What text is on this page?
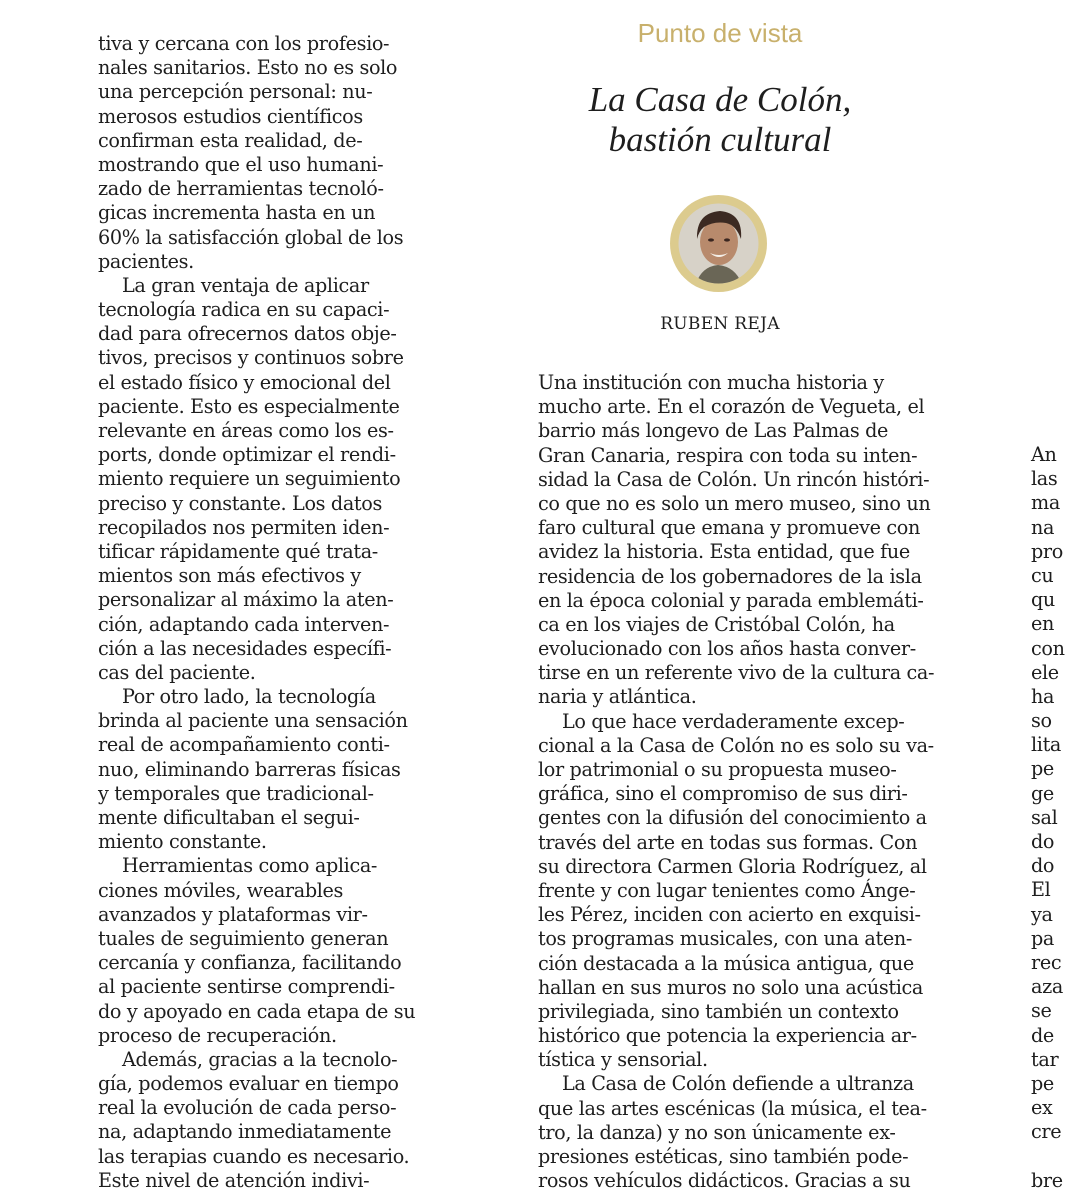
Punto de vista
La Casa de Colón,
bastión cultural
RUBEN REJA
tiva y cercana con los profesio-
nales sanitarios. Esto no es solo
una percepción personal: nu-
merosos estudios científicos
confirman esta realidad, de-
mostrando que el uso humani-
zado de herramientas tecnoló-
gicas incrementa hasta en un
60% la satisfacción global de los
pacientes.
La gran ventaja de aplicar
tecnología radica en su capaci-
dad para ofrecernos datos obje-
tivos, precisos y continuos sobre
el estado físico y emocional del
paciente. Esto es especialmente
relevante en áreas como los es-
ports, donde optimizar el rendi-
miento requiere un seguimiento
preciso y constante. Los datos
recopilados nos permiten iden-
tificar rápidamente qué trata-
mientos son más efectivos y
personalizar al máximo la aten-
ción, adaptando cada interven-
ción a las necesidades específi-
cas del paciente.
Por otro lado, la tecnología
brinda al paciente una sensación
real de acompañamiento conti-
nuo, eliminando barreras físicas
y temporales que tradicional-
mente dificultaban el segui-
miento constante.
Herramientas como aplica-
ciones móviles, wearables
avanzados y plataformas vir-
tuales de seguimiento generan
cercanía y confianza, facilitando
al paciente sentirse comprendi-
do y apoyado en cada etapa de su
proceso de recuperación.
Además, gracias a la tecnolo-
gía, podemos evaluar en tiempo
real la evolución de cada perso-
na, adaptando inmediatamente
las terapias cuando es necesario.
Este nivel de atención indivi-
Una institución con mucha historia y
mucho arte. En el corazón de Vegueta, el
barrio más longevo de Las Palmas de
Gran Canaria, respira con toda su inten-
sidad la Casa de Colón. Un rincón históri-
co que no es solo un mero museo, sino un
faro cultural que emana y promueve con
avidez la historia. Esta entidad, que fue
residencia de los gobernadores de la isla
en la época colonial y parada emblemáti-
ca en los viajes de Cristóbal Colón, ha
evolucionado con los años hasta conver-
tirse en un referente vivo de la cultura ca-
naria y atlántica.
Lo que hace verdaderamente excep-
cional a la Casa de Colón no es solo su va-
lor patrimonial o su propuesta museo-
gráfica, sino el compromiso de sus diri-
gentes con la difusión del conocimiento a
través del arte en todas sus formas. Con
su directora Carmen Gloria Rodríguez, al
frente y con lugar tenientes como Ánge-
les Pérez, inciden con acierto en exquisi-
tos programas musicales, con una aten-
ción destacada a la música antigua, que
hallan en sus muros no solo una acústica
privilegiada, sino también un contexto
histórico que potencia la experiencia ar-
tística y sensorial.
La Casa de Colón defiende a ultranza
que las artes escénicas (la música, el tea-
tro, la danza) y no son únicamente ex-
presiones estéticas, sino también pode-
rosos vehículos didácticos. Gracias a su
An
las
ma
na
pro
cu
qu
en
con
ele
ha
so
lita
pe
ge
sal
do
do
El
ya
pa
rec
aza
se
de
tar
pe
ex
cre
bre
